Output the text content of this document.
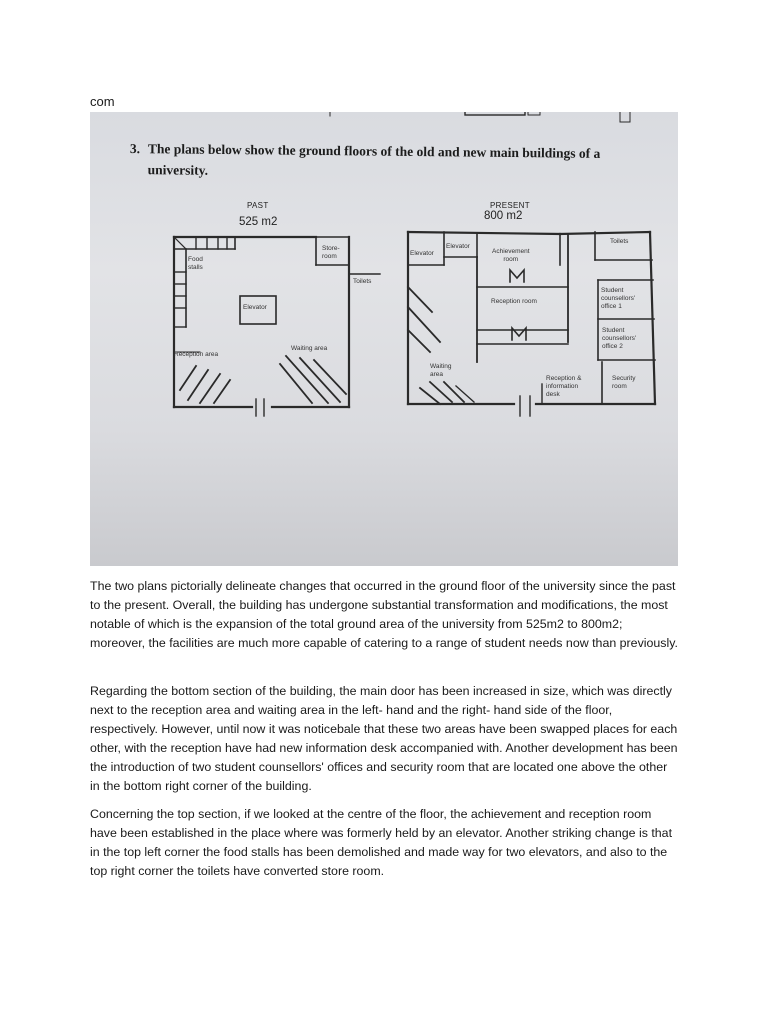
com
3. The plans below show the ground floors of the old and new main buildings of a
university.
PAST
525 m2
Food
stalls
Store-
room
Toilets
Elevator
Reception area
Waiting area
PRESENT
800 m2
Elevator
Elevator
Achievement
room
Toilets
Reception room
Student
counsellors'
office 1
Student
counsellors'
office 2
Waiting
area
Reception &
information
desk
Security
room
The two plans pictorially delineate changes that occurred in the ground floor of the university since the past to the present. Overall, the building has undergone substantial transformation and modifications, the most notable of which is the expansion of the total ground area of the university from 525m2 to 800m2; moreover, the facilities are much more capable of catering to a range of student needs now than previously.
Regarding the bottom section of the building, the main door has been increased in size, which was directly next to the reception area and waiting area in the left- hand and the right- hand side of the floor, respectively. However, until now it was noticebale that these two areas have been swapped places for each other, with the reception have had new information desk accompanied with. Another development has been the introduction of two student counsellors' offices and security room that are located one above the other in the bottom right corner of the building.
Concerning the top section, if we looked at the centre of the floor, the achievement and reception room have been established in the place where was formerly held by an elevator. Another striking change is that in the top left corner the food stalls has been demolished and made way for two elevators, and also to the top right corner the toilets have converted store room.
